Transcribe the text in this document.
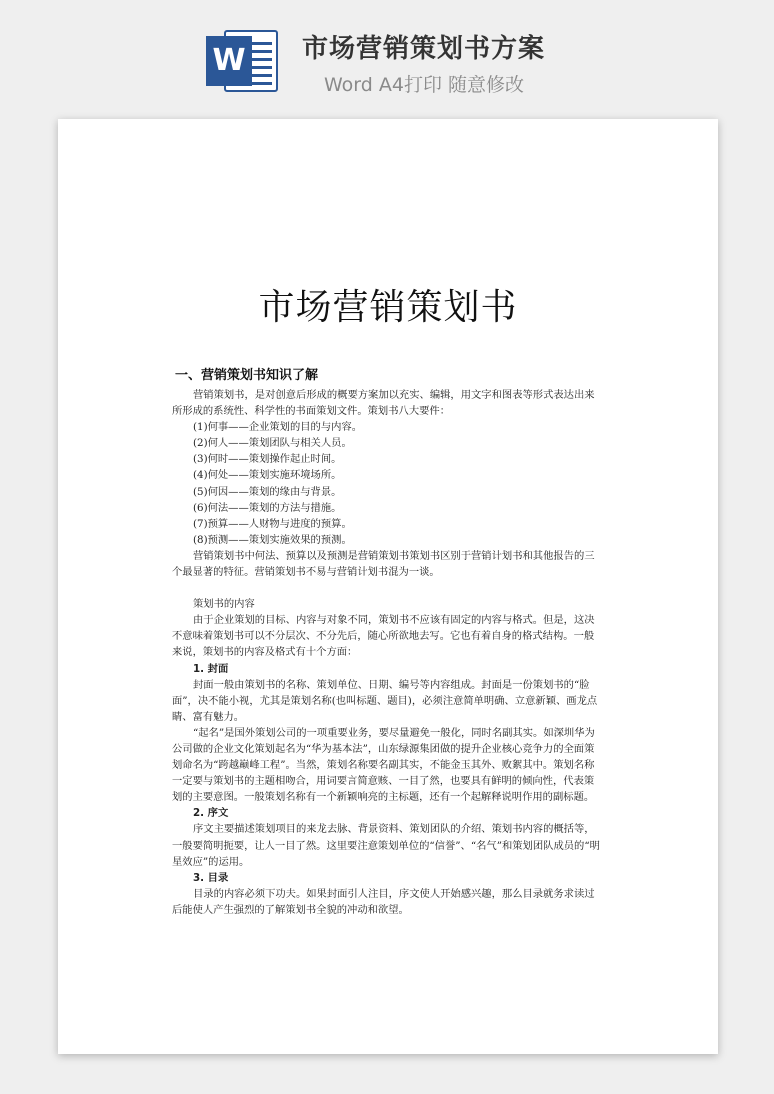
W 市场营销策划书方案
Word A4打印 随意修改
市场营销策划书
一、营销策划书知识了解

营销策划书，是对创意后形成的概要方案加以充实、编辑，用文字和图表等形式表达出来所形成的系统性、科学性的书面策划文件。策划书八大要件：

(1)何事——企业策划的目的与内容。

(2)何人——策划团队与相关人员。

(3)何时——策划操作起止时间。

(4)何处——策划实施环境场所。

(5)何因——策划的缘由与背景。

(6)何法——策划的方法与措施。

(7)预算——人财物与进度的预算。

(8)预测——策划实施效果的预测。

营销策划书中何法、预算以及预测是营销策划书策划书区别于营销计划书和其他报告的三个最显著的特征。营销策划书不易与营销计划书混为一谈。

策划书的内容

由于企业策划的目标、内容与对象不同，策划书不应该有固定的内容与格式。但是，这决不意味着策划书可以不分层次、不分先后，随心所欲地去写。它也有着自身的格式结构。一般来说，策划书的内容及格式有十个方面：

1. 封面

封面一般由策划书的名称、策划单位、日期、编号等内容组成。封面是一份策划书的“脸面”，决不能小视，尤其是策划名称(也叫标题、题目)，必须注意简单明确、立意新颖、画龙点睛、富有魅力。

“起名”是国外策划公司的一项重要业务，要尽量避免一般化，同时名副其实。如深圳华为公司做的企业文化策划起名为“华为基本法”，山东绿源集团做的提升企业核心竞争力的全面策划命名为“跨越巅峰工程”。当然，策划名称要名副其实，不能金玉其外、败絮其中。策划名称一定要与策划书的主题相吻合，用词要言简意赅、一目了然，也要具有鲜明的倾向性，代表策划的主要意图。一般策划名称有一个新颖响亮的主标题，还有一个起解释说明作用的副标题。

2. 序文

序文主要描述策划项目的来龙去脉、背景资料、策划团队的介绍、策划书内容的概括等，一般要简明扼要，让人一目了然。这里要注意策划单位的“信誉”、“名气”和策划团队成员的“明星效应”的运用。

3. 目录

目录的内容必须下功夫。如果封面引人注目，序文使人开始感兴趣，那么目录就务求读过后能使人产生强烈的了解策划书全貌的冲动和欲望。
